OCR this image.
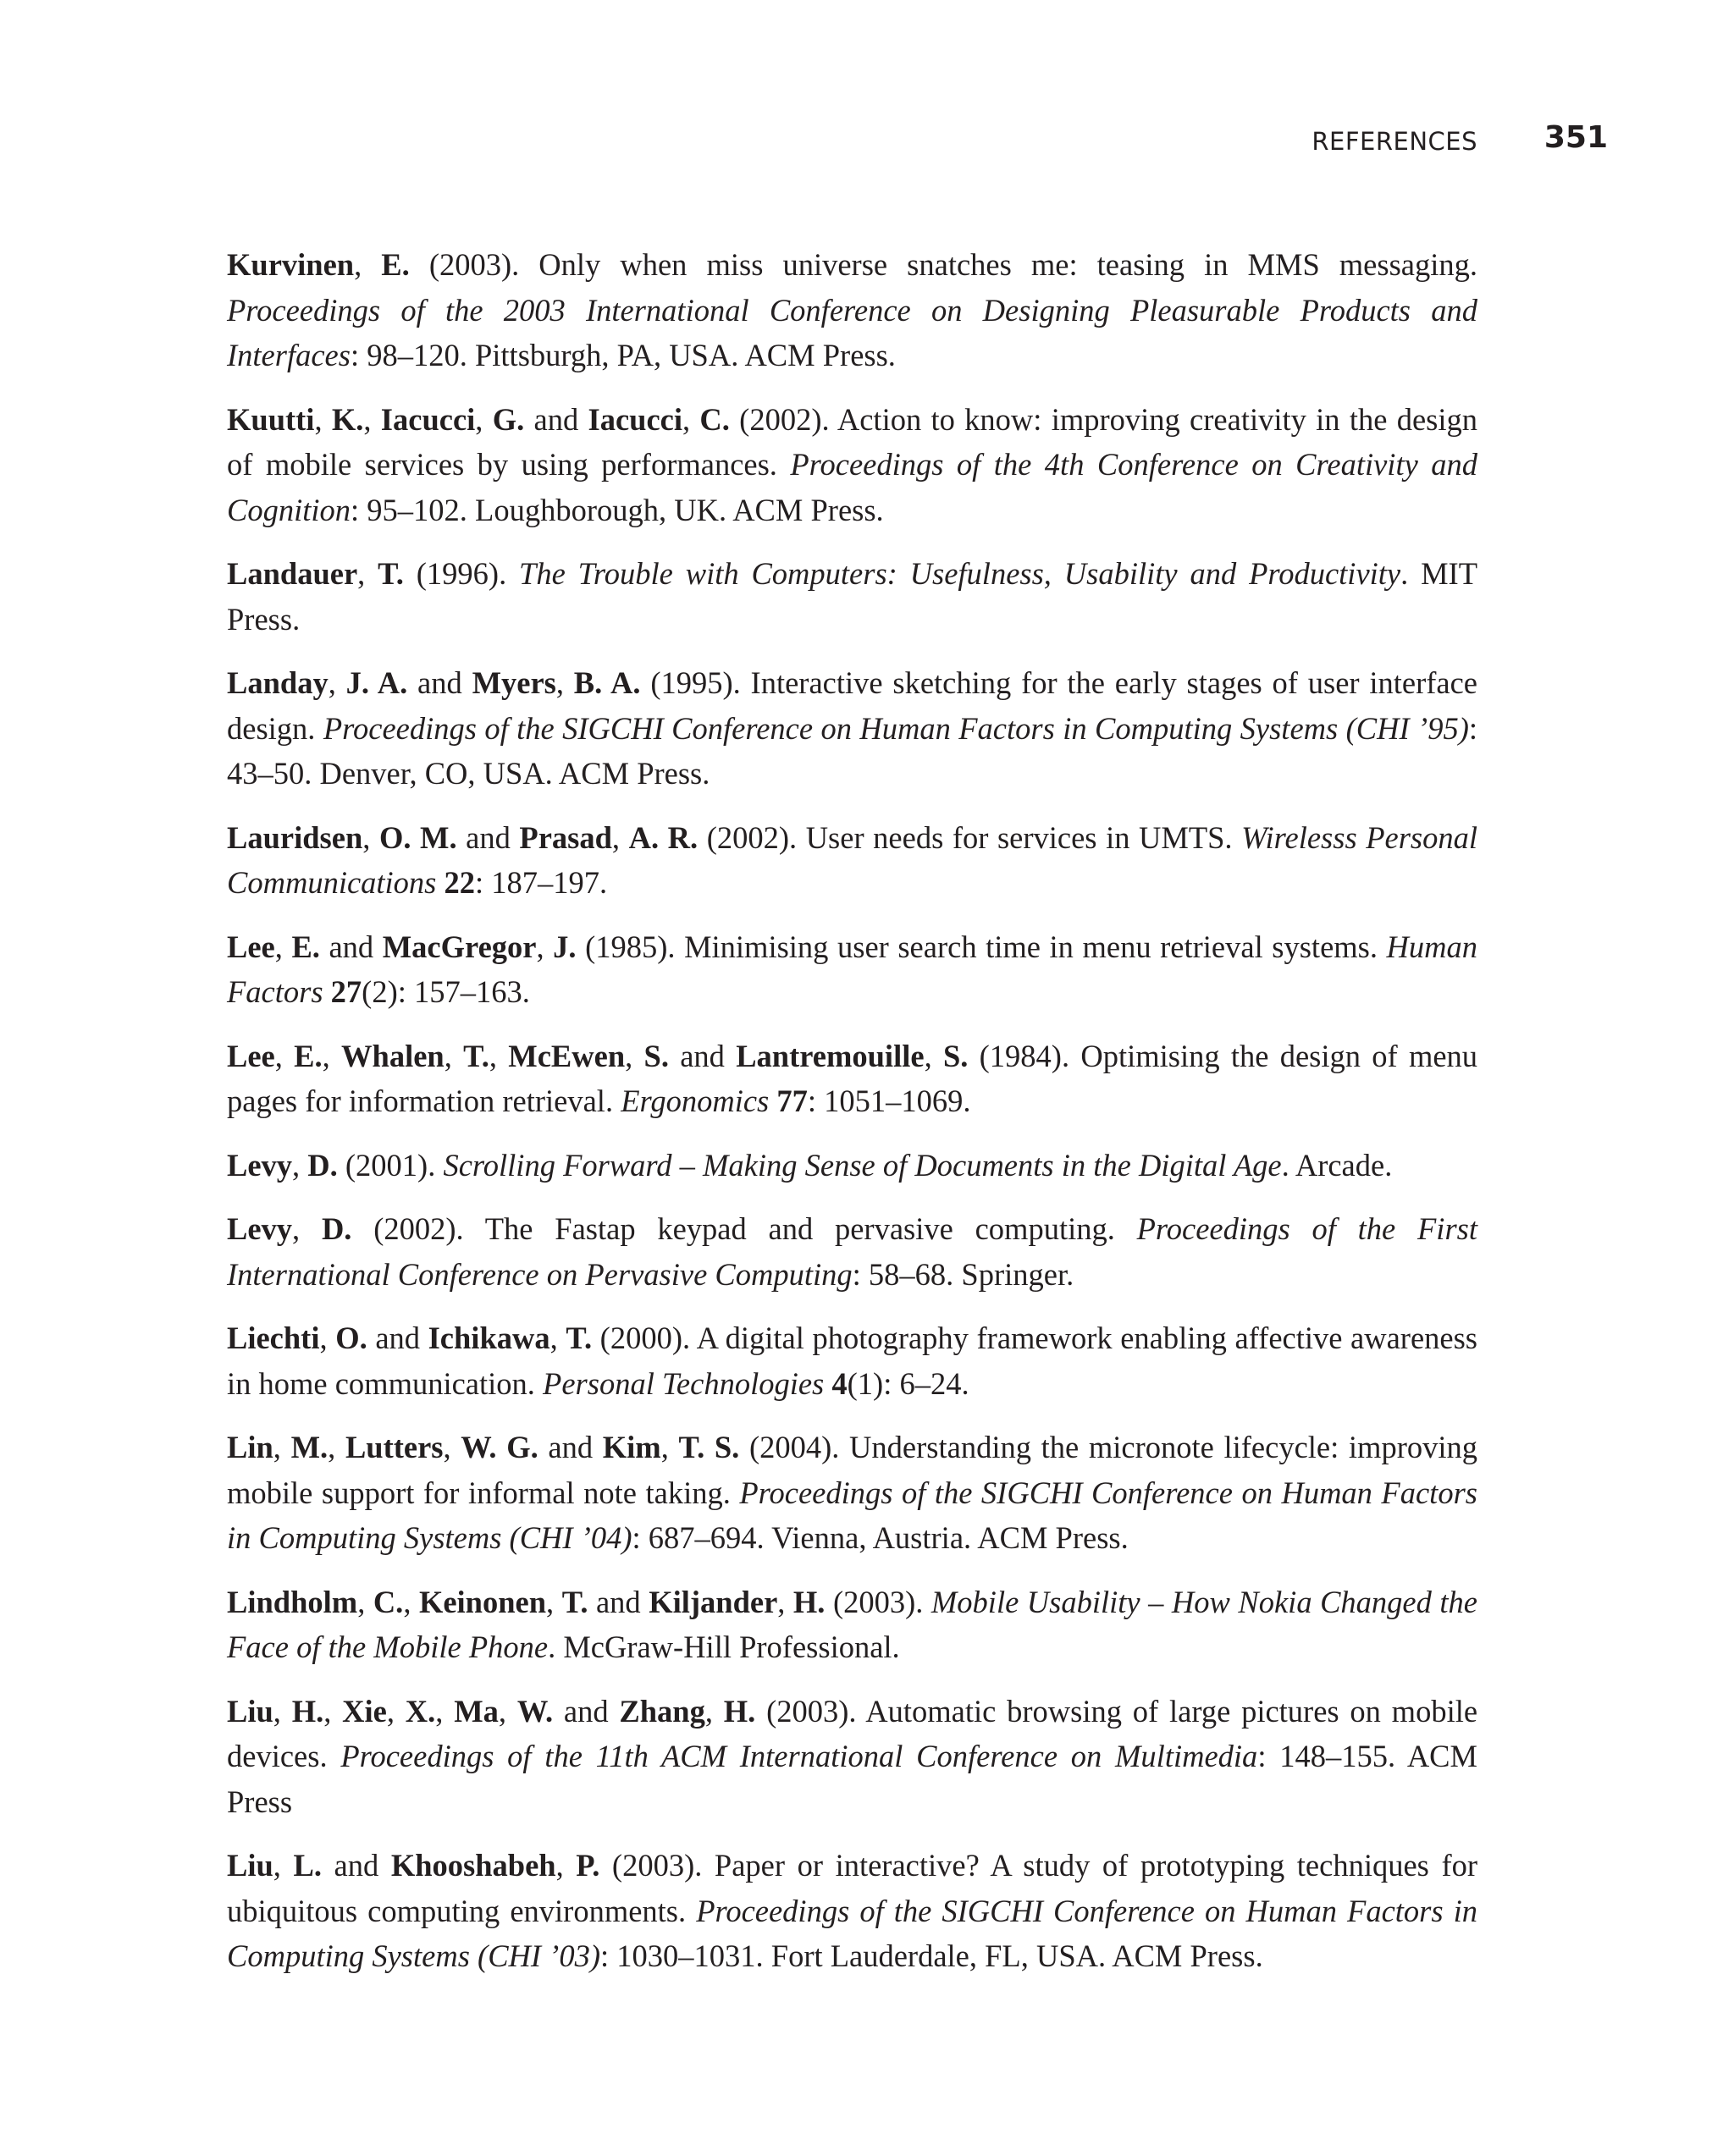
REFERENCES 351

Kurvinen, E. (2003). Only when miss universe snatches me: teasing in MMS messaging. Proceedings of the 2003 International Conference on Designing Pleasurable Products and Interfaces: 98–120. Pittsburgh, PA, USA. ACM Press.

Kuutti, K., Iacucci, G. and Iacucci, C. (2002). Action to know: improving creativity in the design of mobile services by using performances. Proceedings of the 4th Conference on Creativity and Cognition: 95–102. Loughborough, UK. ACM Press.

Landauer, T. (1996). The Trouble with Computers: Usefulness, Usability and Productivity. MIT Press.

Landay, J. A. and Myers, B. A. (1995). Interactive sketching for the early stages of user interface design. Proceedings of the SIGCHI Conference on Human Factors in Computing Systems (CHI ’95): 43–50. Denver, CO, USA. ACM Press.

Lauridsen, O. M. and Prasad, A. R. (2002). User needs for services in UMTS. Wirelesss Personal Communications 22: 187–197.

Lee, E. and MacGregor, J. (1985). Minimising user search time in menu retrieval systems. Human Factors 27(2): 157–163.

Lee, E., Whalen, T., McEwen, S. and Lantremouille, S. (1984). Optimising the design of menu pages for information retrieval. Ergonomics 77: 1051–1069.

Levy, D. (2001). Scrolling Forward – Making Sense of Documents in the Digital Age. Arcade.

Levy, D. (2002). The Fastap keypad and pervasive computing. Proceedings of the First International Conference on Pervasive Computing: 58–68. Springer.

Liechti, O. and Ichikawa, T. (2000). A digital photography framework enabling affective awareness in home communication. Personal Technologies 4(1): 6–24.

Lin, M., Lutters, W. G. and Kim, T. S. (2004). Understanding the micronote lifecycle: improving mobile support for informal note taking. Proceedings of the SIGCHI Conference on Human Factors in Computing Systems (CHI ’04): 687–694. Vienna, Austria. ACM Press.

Lindholm, C., Keinonen, T. and Kiljander, H. (2003). Mobile Usability – How Nokia Changed the Face of the Mobile Phone. McGraw-Hill Professional.

Liu, H., Xie, X., Ma, W. and Zhang, H. (2003). Automatic browsing of large pictures on mobile devices. Proceedings of the 11th ACM International Conference on Multimedia: 148–155. ACM Press

Liu, L. and Khooshabeh, P. (2003). Paper or interactive? A study of prototyping techniques for ubiquitous computing environments. Proceedings of the SIGCHI Conference on Human Factors in Computing Systems (CHI ’03): 1030–1031. Fort Lauderdale, FL, USA. ACM Press.
